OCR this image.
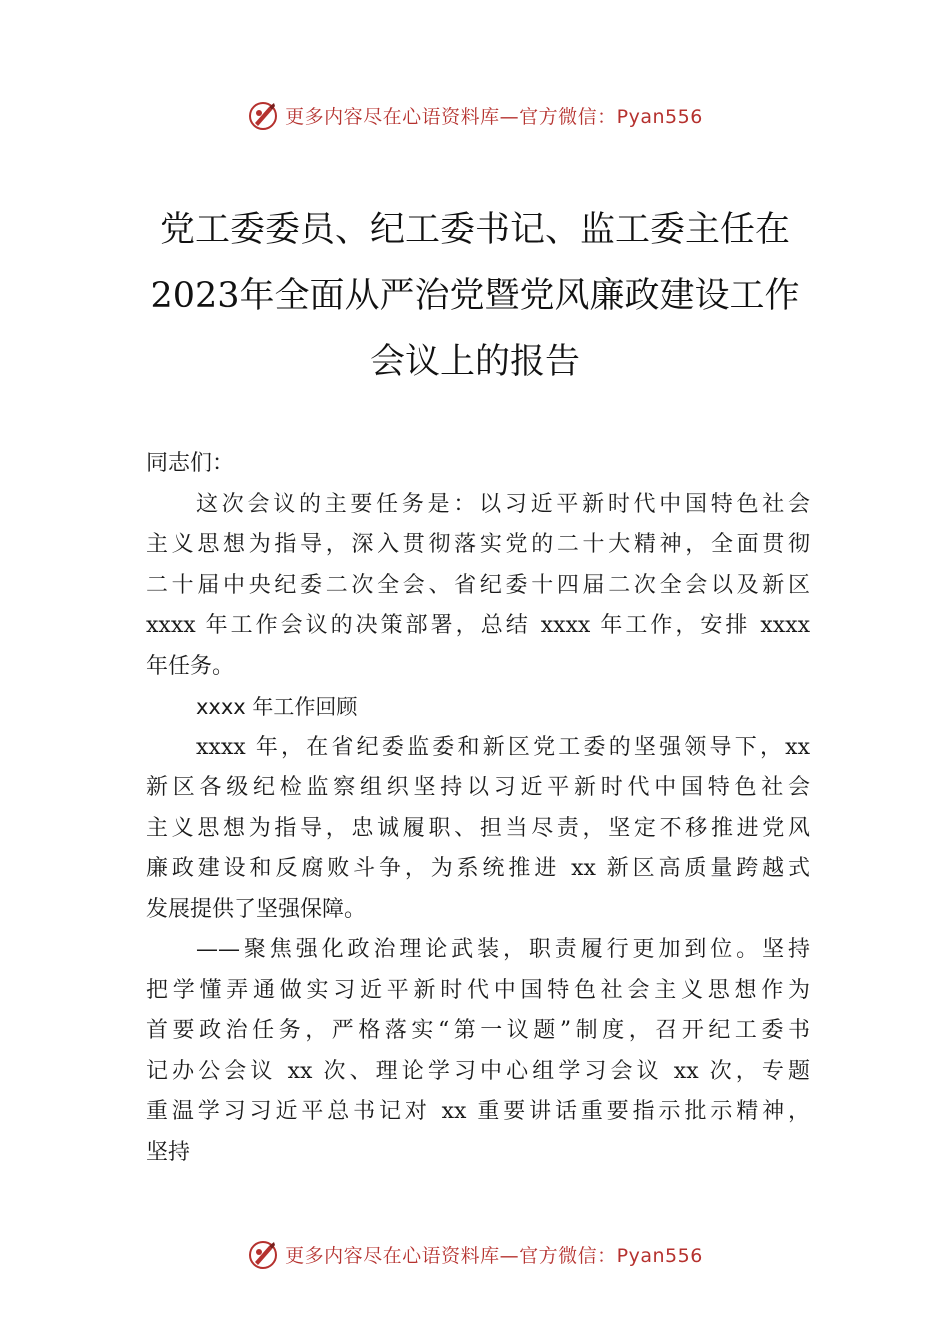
更多内容尽在心语资料库—官方微信：Pyan556
党工委委员、纪工委书记、监工委主任在
2023年全面从严治党暨党风廉政建设工作
会议上的报告
同志们：
这次会议的主要任务是：以习近平新时代中国特色社会
主义思想为指导，深入贯彻落实党的二十大精神，全面贯彻
二十届中央纪委二次全会、省纪委十四届二次全会以及新区
xxxx 年工作会议的决策部署，总结 xxxx 年工作，安排 xxxx
年任务。
xxxx 年工作回顾
xxxx 年，在省纪委监委和新区党工委的坚强领导下，xx
新区各级纪检监察组织坚持以习近平新时代中国特色社会
主义思想为指导，忠诚履职、担当尽责，坚定不移推进党风
廉政建设和反腐败斗争，为系统推进 xx 新区高质量跨越式
发展提供了坚强保障。
——聚焦强化政治理论武装，职责履行更加到位。坚持
把学懂弄通做实习近平新时代中国特色社会主义思想作为
首要政治任务，严格落实“第一议题”制度，召开纪工委书
记办公会议 xx 次、理论学习中心组学习会议 xx 次，专题
重温学习习近平总书记对 xx 重要讲话重要指示批示精神，
坚持
更多内容尽在心语资料库—官方微信：Pyan556
